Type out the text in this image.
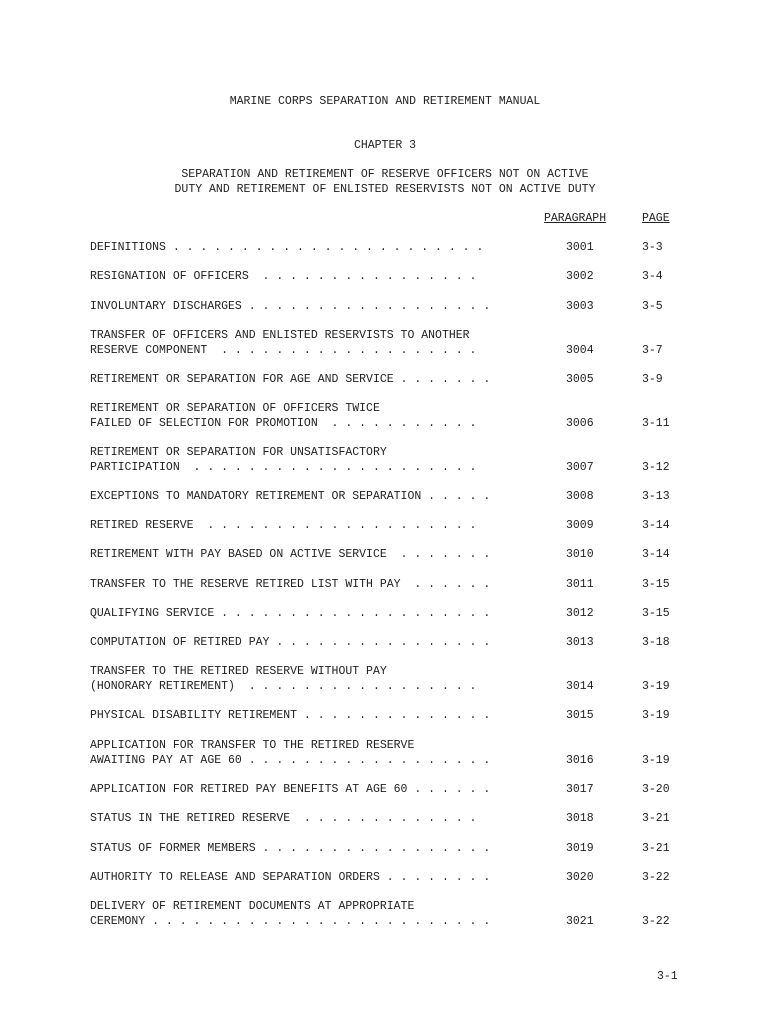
MARINE CORPS SEPARATION AND RETIREMENT MANUAL
CHAPTER 3
SEPARATION AND RETIREMENT OF RESERVE OFFICERS NOT ON ACTIVE
DUTY AND RETIREMENT OF ENLISTED RESERVISTS NOT ON ACTIVE DUTY
PARAGRAPH	PAGE
DEFINITIONS . . . . . . . . . . . . . . . . . . . . . . .	3001	3-3
RESIGNATION OF OFFICERS  . . . . . . . . . . . . . . . .	3002	3-4
INVOLUNTARY DISCHARGES . . . . . . . . . . . . . . . . . .	3003	3-5
TRANSFER OF OFFICERS AND ENLISTED RESERVISTS TO ANOTHER
RESERVE COMPONENT  . . . . . . . . . . . . . . . . . . .	3004	3-7
RETIREMENT OR SEPARATION FOR AGE AND SERVICE . . . . . . .	3005	3-9
RETIREMENT OR SEPARATION OF OFFICERS TWICE
FAILED OF SELECTION FOR PROMOTION  . . . . . . . . . . .	3006	3-11
RETIREMENT OR SEPARATION FOR UNSATISFACTORY
PARTICIPATION  . . . . . . . . . . . . . . . . . . . . .	3007	3-12
EXCEPTIONS TO MANDATORY RETIREMENT OR SEPARATION . . . . .	3008	3-13
RETIRED RESERVE  . . . . . . . . . . . . . . . . . . . .	3009	3-14
RETIREMENT WITH PAY BASED ON ACTIVE SERVICE  . . . . . . .	3010	3-14
TRANSFER TO THE RESERVE RETIRED LIST WITH PAY  . . . . . .	3011	3-15
QUALIFYING SERVICE . . . . . . . . . . . . . . . . . . . .	3012	3-15
COMPUTATION OF RETIRED PAY . . . . . . . . . . . . . . . .	3013	3-18
TRANSFER TO THE RETIRED RESERVE WITHOUT PAY
(HONORARY RETIREMENT)  . . . . . . . . . . . . . . . . .	3014	3-19
PHYSICAL DISABILITY RETIREMENT . . . . . . . . . . . . . .	3015	3-19
APPLICATION FOR TRANSFER TO THE RETIRED RESERVE
AWAITING PAY AT AGE 60 . . . . . . . . . . . . . . . . . .	3016	3-19
APPLICATION FOR RETIRED PAY BENEFITS AT AGE 60 . . . . . .	3017	3-20
STATUS IN THE RETIRED RESERVE  . . . . . . . . . . . . .	3018	3-21
STATUS OF FORMER MEMBERS . . . . . . . . . . . . . . . . .	3019	3-21
AUTHORITY TO RELEASE AND SEPARATION ORDERS . . . . . . . .	3020	3-22
DELIVERY OF RETIREMENT DOCUMENTS AT APPROPRIATE
CEREMONY . . . . . . . . . . . . . . . . . . . . . . . . .	3021	3-22
3-1
